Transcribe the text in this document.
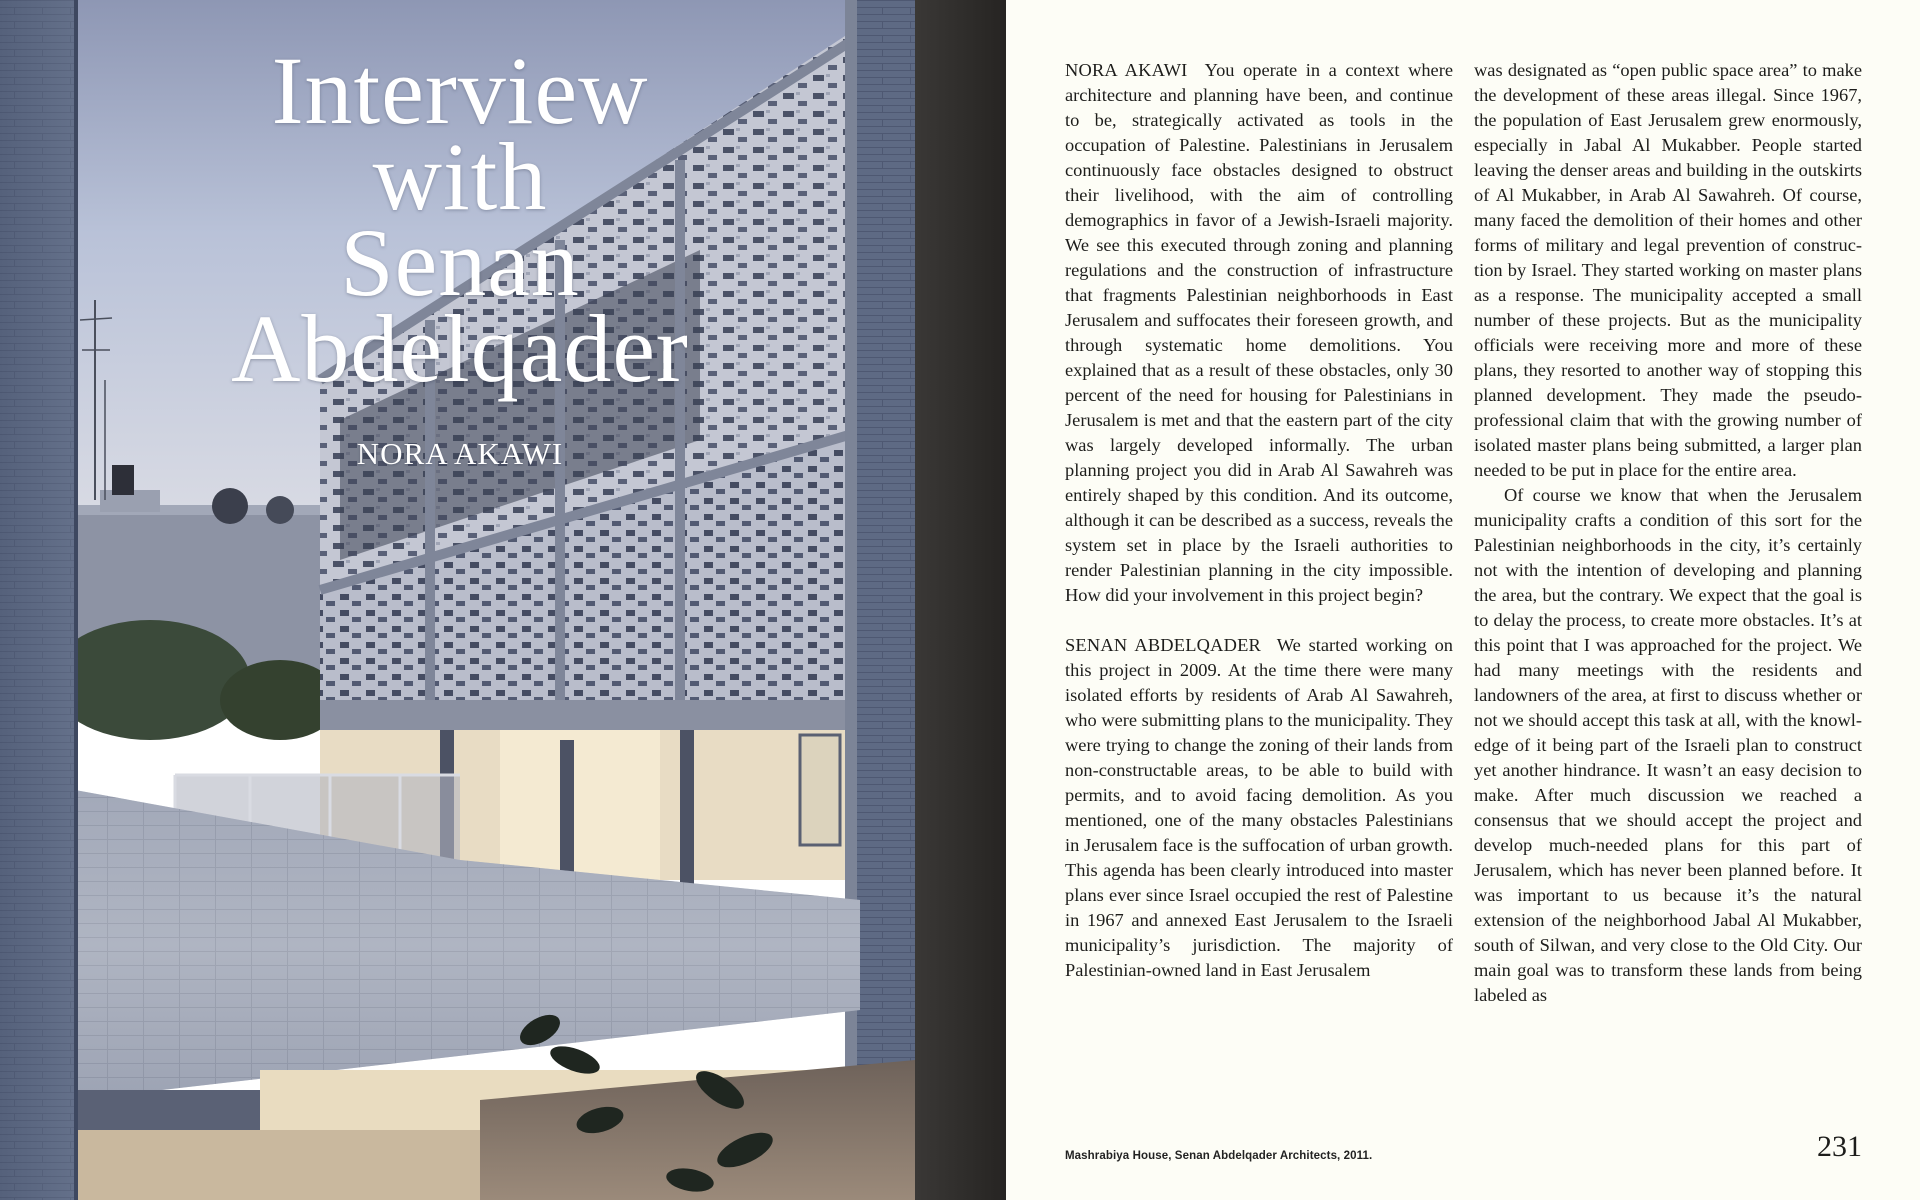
Interview
with
Senan
Abdelqader
NORA AKAWI

NORA AKAWI You operate in a context where architecture and planning have been, and continue to be, strategically activated as tools in the occupation of Palestine. Palestinians in Jerusalem continuously face obstacles designed to obstruct their livelihood, with the aim of controlling demographics in favor of a Jewish-Israeli majority. We see this executed through zoning and planning regulations and the construction of infrastructure that fragments Palestinian neighborhoods in East Jerusalem and suffocates their foreseen growth, and through systematic home demolitions. You explained that as a result of these obstacles, only 30 percent of the need for housing for Palestinians in Jerusalem is met and that the eastern part of the city was largely developed informally. The urban planning project you did in Arab Al Sawahreh was entirely shaped by this condition. And its outcome, although it can be described as a success, reveals the system set in place by the Israeli authorities to render Palestinian planning in the city impossible. How did your involvement in this project begin?

SENAN ABDELQADER We started working on this project in 2009. At the time there were many isolated efforts by residents of Arab Al Sawahreh, who were submitting plans to the municipality. They were trying to change the zoning of their lands from non-constructable areas, to be able to build with permits, and to avoid facing demolition. As you mentioned, one of the many obstacles Palestinians in Jerusalem face is the suffocation of urban growth. This agenda has been clearly introduced into master plans ever since Israel occupied the rest of Palestine in 1967 and annexed East Jerusalem to the Israeli municipality’s jurisdiction. The majority of Palestinian-owned land in East Jerusalem

was designated as “open public space area” to make the development of these areas illegal. Since 1967, the population of East Jerusalem grew enormously, especially in Jabal Al Mukabber. People started leaving the denser areas and building in the outskirts of Al Mukabber, in Arab Al Sawahreh. Of course, many faced the demolition of their homes and other forms of military and legal prevention of construction by Israel. They started working on master plans as a response. The municipality accepted a small number of these projects. But as the municipality officials were receiving more and more of these plans, they resorted to another way of stopping this planned development. They made the pseudo-professional claim that with the growing number of isolated master plans being submitted, a larger plan needed to be put in place for the entire area.

Of course we know that when the Jerusalem municipality crafts a condition of this sort for the Palestinian neighborhoods in the city, it’s certainly not with the intention of developing and planning the area, but the contrary. We expect that the goal is to delay the process, to create more obstacles. It’s at this point that I was approached for the project. We had many meetings with the residents and landowners of the area, at first to discuss whether or not we should accept this task at all, with the knowledge of it being part of the Israeli plan to construct yet another hindrance. It wasn’t an easy decision to make. After much discussion we reached a consensus that we should accept the project and develop much-needed plans for this part of Jerusalem, which has never been planned before. It was important to us because it’s the natural extension of the neighborhood Jabal Al Mukabber, south of Silwan, and very close to the Old City. Our main goal was to transform these lands from being labeled as

Mashrabiya House, Senan Abdelqader Architects, 2011.	231
